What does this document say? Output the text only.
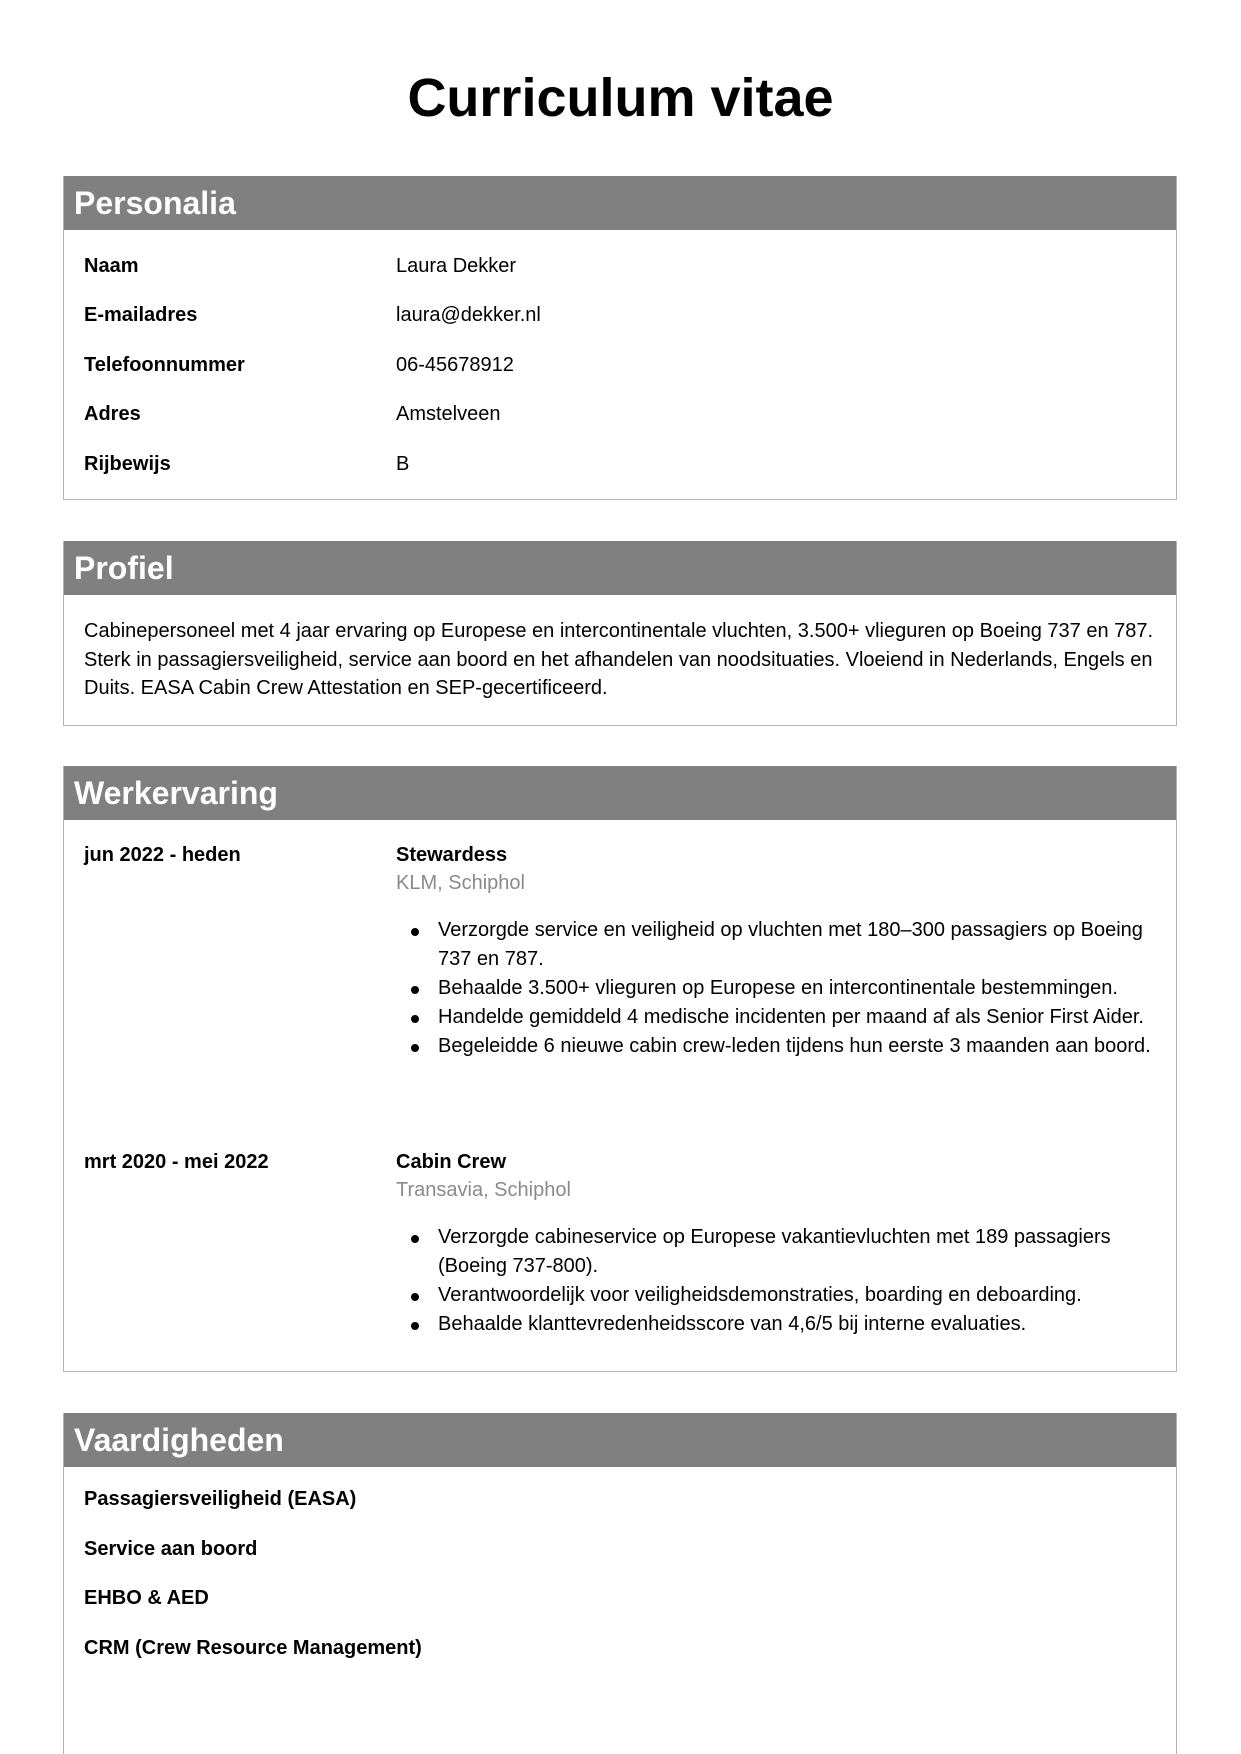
Curriculum vitae
Personalia
Naam	Laura Dekker
E-mailadres	laura@dekker.nl
Telefoonnummer	06-45678912
Adres	Amstelveen
Rijbewijs	B
Profiel

Cabinepersoneel met 4 jaar ervaring op Europese en intercontinentale vluchten, 3.500+ vlieguren op Boeing 737 en 787. Sterk in passagiersveiligheid, service aan boord en het afhandelen van noodsituaties. Vloeiend in Nederlands, Engels en Duits. EASA Cabin Crew Attestation en SEP-gecertificeerd.

Werkervaring
jun 2022 - heden	Stewardess
KLM, Schiphol
Verzorgde service en veiligheid op vluchten met 180–300 passagiers op Boeing 737 en 787.
Behaalde 3.500+ vlieguren op Europese en intercontinentale bestemmingen.
Handelde gemiddeld 4 medische incidenten per maand af als Senior First Aider.
Begeleidde 6 nieuwe cabin crew-leden tijdens hun eerste 3 maanden aan boord.
mrt 2020 - mei 2022	Cabin Crew
Transavia, Schiphol
Verzorgde cabineservice op Europese vakantievluchten met 189 passagiers (Boeing 737-800).
Verantwoordelijk voor veiligheidsdemonstraties, boarding en deboarding.
Behaalde klanttevredenheidsscore van 4,6/5 bij interne evaluaties.
Vaardigheden
Passagiersveiligheid (EASA)
Service aan boord
EHBO & AED
CRM (Crew Resource Management)
